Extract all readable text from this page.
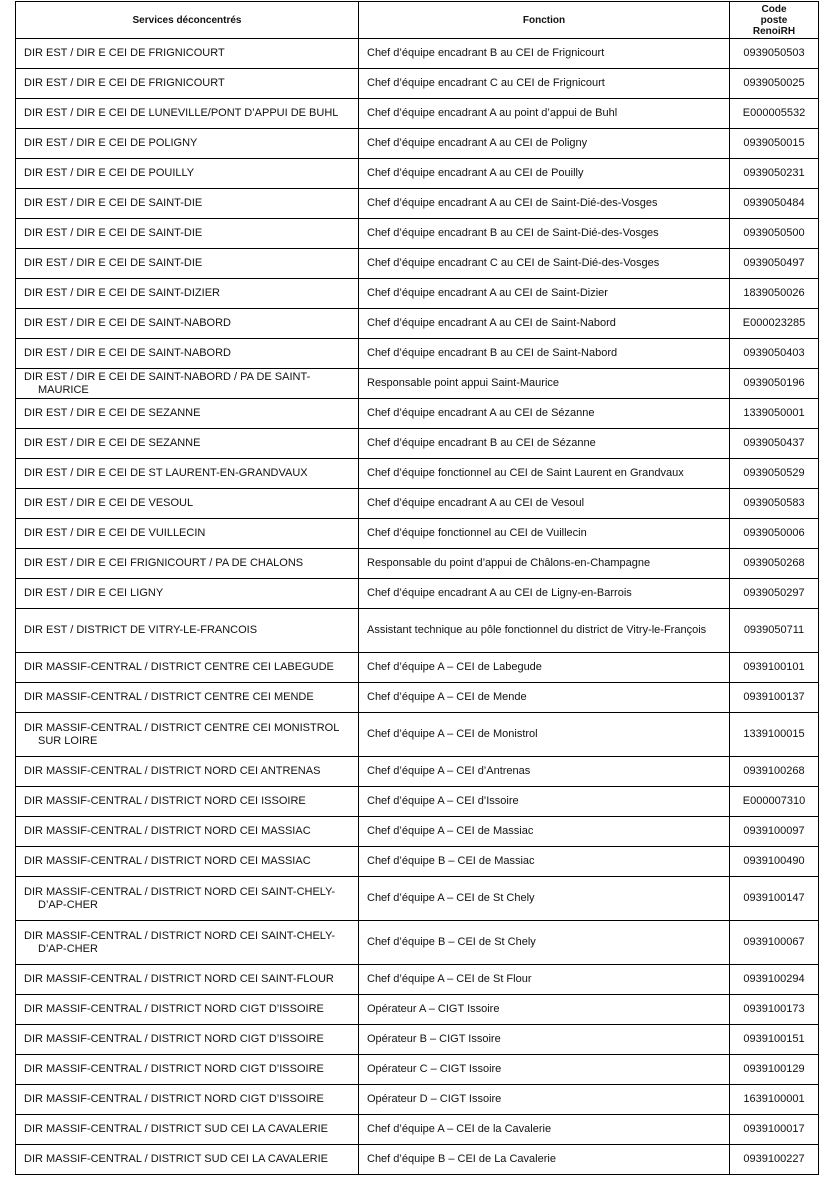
Services déconcentrés	Fonction	Code poste RenoiRH

DIR EST / DIR E CEI DE FRIGNICOURT	Chef d’équipe encadrant B au CEI de Frignicourt	0939050503

DIR EST / DIR E CEI DE FRIGNICOURT	Chef d’équipe encadrant C au CEI de Frignicourt	0939050025

DIR EST / DIR E CEI DE LUNEVILLE/PONT D’APPUI DE BUHL	Chef d’équipe encadrant A au point d’appui de Buhl	E000005532

DIR EST / DIR E CEI DE POLIGNY	Chef d’équipe encadrant A au CEI de Poligny	0939050015

DIR EST / DIR E CEI DE POUILLY	Chef d’équipe encadrant A au CEI de Pouilly	0939050231

DIR EST / DIR E CEI DE SAINT-DIE	Chef d’équipe encadrant A au CEI de Saint-Dié-des-Vosges	0939050484

DIR EST / DIR E CEI DE SAINT-DIE	Chef d’équipe encadrant B au CEI de Saint-Dié-des-Vosges	0939050500

DIR EST / DIR E CEI DE SAINT-DIE	Chef d’équipe encadrant C au CEI de Saint-Dié-des-Vosges	0939050497

DIR EST / DIR E CEI DE SAINT-DIZIER	Chef d’équipe encadrant A au CEI de Saint-Dizier	1839050026

DIR EST / DIR E CEI DE SAINT-NABORD	Chef d’équipe encadrant A au CEI de Saint-Nabord	E000023285

DIR EST / DIR E CEI DE SAINT-NABORD	Chef d’équipe encadrant B au CEI de Saint-Nabord	0939050403

DIR EST / DIR E CEI DE SAINT-NABORD / PA DE SAINT-MAURICE	Responsable point appui Saint-Maurice	0939050196

DIR EST / DIR E CEI DE SEZANNE	Chef d’équipe encadrant A au CEI de Sézanne	1339050001

DIR EST / DIR E CEI DE SEZANNE	Chef d’équipe encadrant B au CEI de Sézanne	0939050437

DIR EST / DIR E CEI DE ST LAURENT-EN-GRANDVAUX	Chef d’équipe fonctionnel au CEI de Saint Laurent en Grandvaux	0939050529

DIR EST / DIR E CEI DE VESOUL	Chef d’équipe encadrant A au CEI de Vesoul	0939050583

DIR EST / DIR E CEI DE VUILLECIN	Chef d’équipe fonctionnel au CEI de Vuillecin	0939050006

DIR EST / DIR E CEI FRIGNICOURT / PA DE CHALONS	Responsable du point d’appui de Châlons-en-Champagne	0939050268

DIR EST / DIR E CEI LIGNY	Chef d’équipe encadrant A au CEI de Ligny-en-Barrois	0939050297

DIR EST / DISTRICT DE VITRY-LE-FRANCOIS	Assistant technique au pôle fonctionnel du district de Vitry-le-François	0939050711

DIR MASSIF-CENTRAL / DISTRICT CENTRE CEI LABEGUDE	Chef d’équipe A – CEI de Labegude	0939100101

DIR MASSIF-CENTRAL / DISTRICT CENTRE CEI MENDE	Chef d’équipe A – CEI de Mende	0939100137

DIR MASSIF-CENTRAL / DISTRICT CENTRE CEI MONISTROL SUR LOIRE	Chef d’équipe A – CEI de Monistrol	1339100015

DIR MASSIF-CENTRAL / DISTRICT NORD CEI ANTRENAS	Chef d’équipe A – CEI d’Antrenas	0939100268

DIR MASSIF-CENTRAL / DISTRICT NORD CEI ISSOIRE	Chef d’équipe A – CEI d’Issoire	E000007310

DIR MASSIF-CENTRAL / DISTRICT NORD CEI MASSIAC	Chef d’équipe A – CEI de Massiac	0939100097

DIR MASSIF-CENTRAL / DISTRICT NORD CEI MASSIAC	Chef d’équipe B – CEI de Massiac	0939100490

DIR MASSIF-CENTRAL / DISTRICT NORD CEI SAINT-CHELY-D’AP-CHER	Chef d’équipe A – CEI de St Chely	0939100147

DIR MASSIF-CENTRAL / DISTRICT NORD CEI SAINT-CHELY-D’AP-CHER	Chef d’équipe B – CEI de St Chely	0939100067

DIR MASSIF-CENTRAL / DISTRICT NORD CEI SAINT-FLOUR	Chef d’équipe A – CEI de St Flour	0939100294

DIR MASSIF-CENTRAL / DISTRICT NORD CIGT D’ISSOIRE	Opérateur A – CIGT Issoire	0939100173

DIR MASSIF-CENTRAL / DISTRICT NORD CIGT D’ISSOIRE	Opérateur B – CIGT Issoire	0939100151

DIR MASSIF-CENTRAL / DISTRICT NORD CIGT D’ISSOIRE	Opérateur C – CIGT Issoire	0939100129

DIR MASSIF-CENTRAL / DISTRICT NORD CIGT D’ISSOIRE	Opérateur D – CIGT Issoire	1639100001

DIR MASSIF-CENTRAL / DISTRICT SUD CEI LA CAVALERIE	Chef d’équipe A – CEI de la Cavalerie	0939100017

DIR MASSIF-CENTRAL / DISTRICT SUD CEI LA CAVALERIE	Chef d’équipe B – CEI de La Cavalerie	0939100227
